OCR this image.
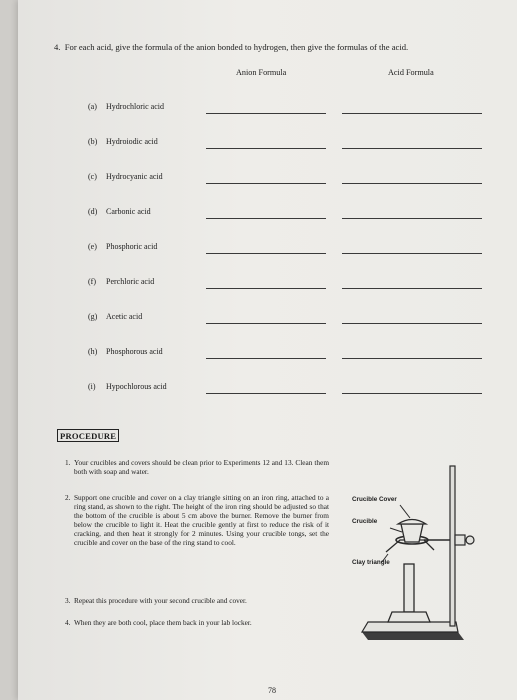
4. For each acid, give the formula of the anion bonded to hydrogen, then give the formulas of the acid.
Anion Formula	Acid Formula
(a) Hydrochloric acid
(b) Hydroiodic acid
(c) Hydrocyanic acid
(d) Carbonic acid
(e) Phosphoric acid
(f) Perchloric acid
(g) Acetic acid
(h) Phosphorous acid
(i) Hypochlorous acid
PROCEDURE
1. Your crucibles and covers should be clean prior to Experiments 12 and 13. Clean them both with soap and water.
2. Support one crucible and cover on a clay triangle sitting on an iron ring, attached to a ring stand, as shown to the right. The height of the iron ring should be adjusted so that the bottom of the crucible is about 5 cm above the burner. Remove the burner from below the crucible to light it. Heat the crucible gently at first to reduce the risk of it cracking, and then heat it strongly for 2 minutes. Using your crucible tongs, set the crucible and cover on the base of the ring stand to cool.
3. Repeat this procedure with your second crucible and cover.
4. When they are both cool, place them back in your lab locker.
Crucible Cover
Crucible
Clay triangle
78
